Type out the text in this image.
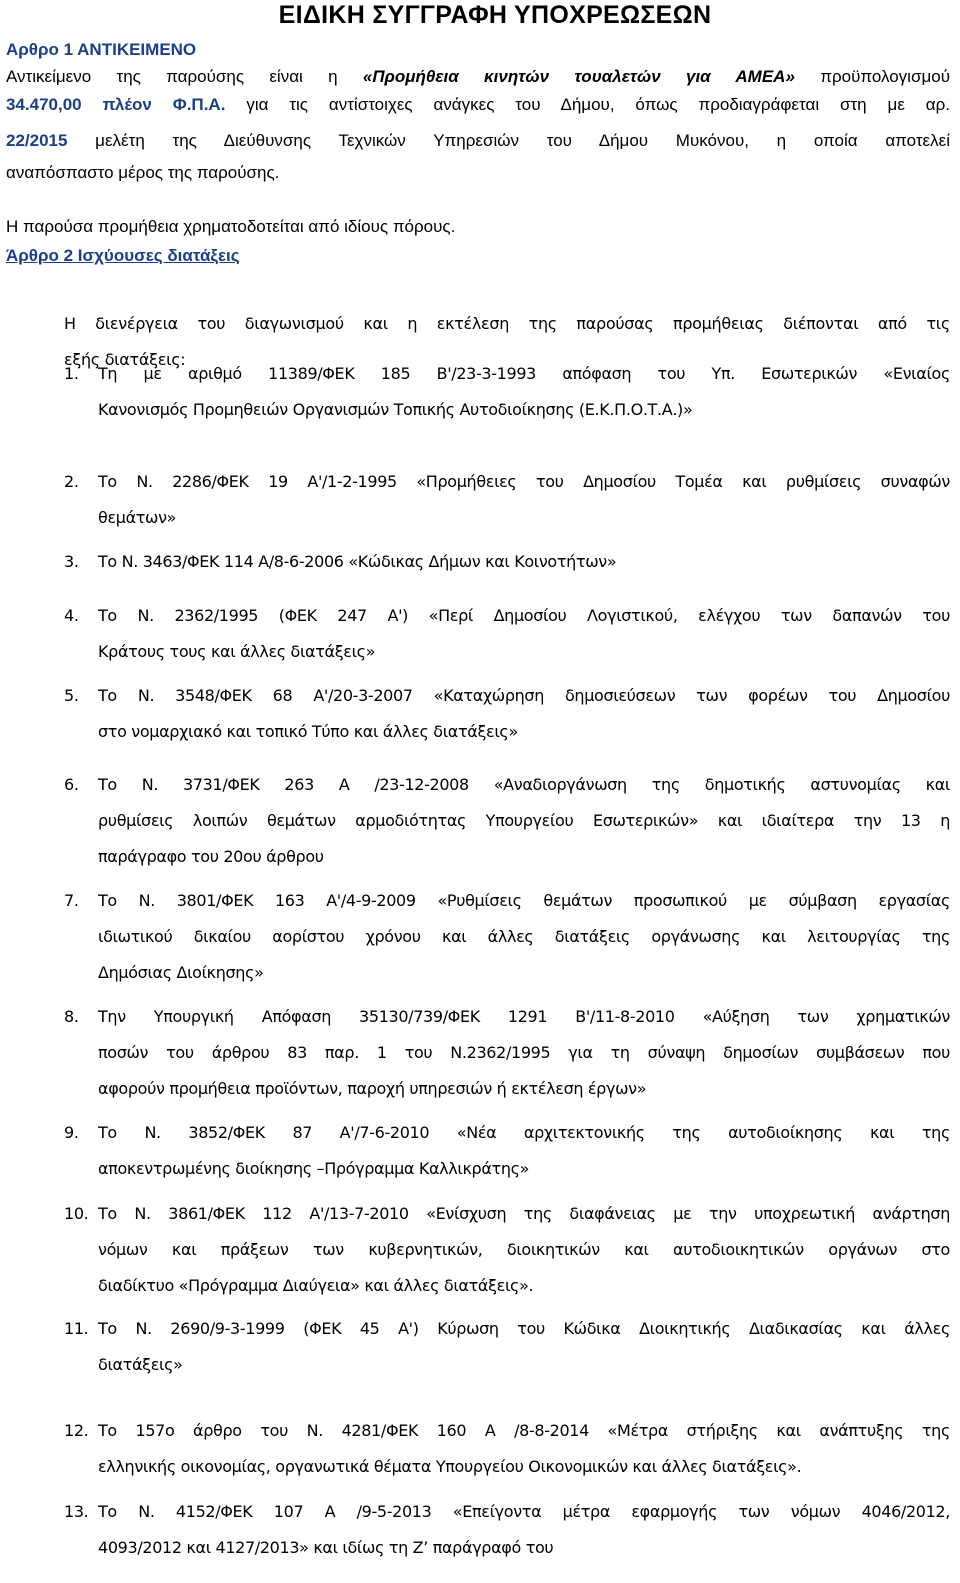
ΕΙΔΙΚΗ ΣΥΓΓΡΑΦΗ ΥΠΟΧΡΕΩΣΕΩΝ
Αρθρο 1 ΑΝΤΙΚΕΙΜΕΝΟ
Αντικείμενο της παρούσης είναι η «Προμήθεια κινητών τουαλετών για ΑΜΕΑ» προϋπολογισμού
34.470,00 πλέον Φ.Π.Α. για τις αντίστοιχες ανάγκες του Δήμου, όπως προδιαγράφεται στη με αρ.
22/2015 μελέτη της Διεύθυνσης Τεχνικών Υπηρεσιών του Δήμου Μυκόνου, η οποία αποτελεί
αναπόσπαστο μέρος της παρούσης.
Η παρούσα προμήθεια χρηματοδοτείται από ιδίους πόρους.
Άρθρο 2 Ισχύουσες διατάξεις
Η διενέργεια του διαγωνισμού και η εκτέλεση της παρούσας προμήθειας διέπονται από τις
εξής διατάξεις:
1. Τη με αριθμό 11389/ΦΕΚ 185 Β'/23-3-1993 απόφαση του Υπ. Εσωτερικών «Ενιαίος
Κανονισμός Προμηθειών Οργανισμών Τοπικής Αυτοδιοίκησης (Ε.Κ.Π.Ο.Τ.Α.)»
2. Το Ν. 2286/ΦΕΚ 19 Α'/1-2-1995 «Προμήθειες του Δημοσίου Τομέα και ρυθμίσεις συναφών
θεμάτων»
3. Το Ν. 3463/ΦΕΚ 114 Α/8-6-2006 «Κώδικας Δήμων και Κοινοτήτων»
4. Το Ν. 2362/1995 (ΦΕΚ 247 Α') «Περί Δημοσίου Λογιστικού, ελέγχου των δαπανών του
Κράτους τους και άλλες διατάξεις»
5. Το Ν. 3548/ΦΕΚ 68 Α'/20-3-2007 «Καταχώρηση δημοσιεύσεων των φορέων του Δημοσίου
στο νομαρχιακό και τοπικό Τύπο και άλλες διατάξεις»
6. Το Ν. 3731/ΦΕΚ 263 Α /23-12-2008 «Αναδιοργάνωση της δημοτικής αστυνομίας και
ρυθμίσεις λοιπών θεμάτων αρμοδιότητας Υπουργείου Εσωτερικών» και ιδιαίτερα την 13 η
παράγραφο του 20ου άρθρου
7. Το Ν. 3801/ΦΕΚ 163 Α'/4-9-2009 «Ρυθμίσεις θεμάτων προσωπικού με σύμβαση εργασίας
ιδιωτικού δικαίου αορίστου χρόνου και άλλες διατάξεις οργάνωσης και λειτουργίας της
Δημόσιας Διοίκησης»
8. Την Υπουργική Απόφαση 35130/739/ΦΕΚ 1291 Β'/11-8-2010 «Αύξηση των χρηματικών
ποσών του άρθρου 83 παρ. 1 του Ν.2362/1995 για τη σύναψη δημοσίων συμβάσεων που
αφορούν προμήθεια προϊόντων, παροχή υπηρεσιών ή εκτέλεση έργων»
9. Το Ν. 3852/ΦΕΚ 87 Α'/7-6-2010 «Νέα αρχιτεκτονικής της αυτοδιοίκησης και της
αποκεντρωμένης διοίκησης –Πρόγραμμα Καλλικράτης»
10. Το Ν. 3861/ΦΕΚ 112 Α'/13-7-2010 «Ενίσχυση της διαφάνειας με την υποχρεωτική ανάρτηση
νόμων και πράξεων των κυβερνητικών, διοικητικών και αυτοδιοικητικών οργάνων στο
διαδίκτυο «Πρόγραμμα Διαύγεια» και άλλες διατάξεις».
11. Το Ν. 2690/9-3-1999 (ΦΕΚ 45 Α') Κύρωση του Κώδικα Διοικητικής Διαδικασίας και άλλες
διατάξεις»
12. Το 157ο άρθρο του Ν. 4281/ΦΕΚ 160 Α /8-8-2014 «Μέτρα στήριξης και ανάπτυξης της
ελληνικής οικονομίας, οργανωτικά θέματα Υπουργείου Οικονομικών και άλλες διατάξεις».
13. Το Ν. 4152/ΦΕΚ 107 Α /9-5-2013 «Επείγοντα μέτρα εφαρμογής των νόμων 4046/2012,
4093/2012 και 4127/2013» και ιδίως τη Ζ’ παράγραφό του
